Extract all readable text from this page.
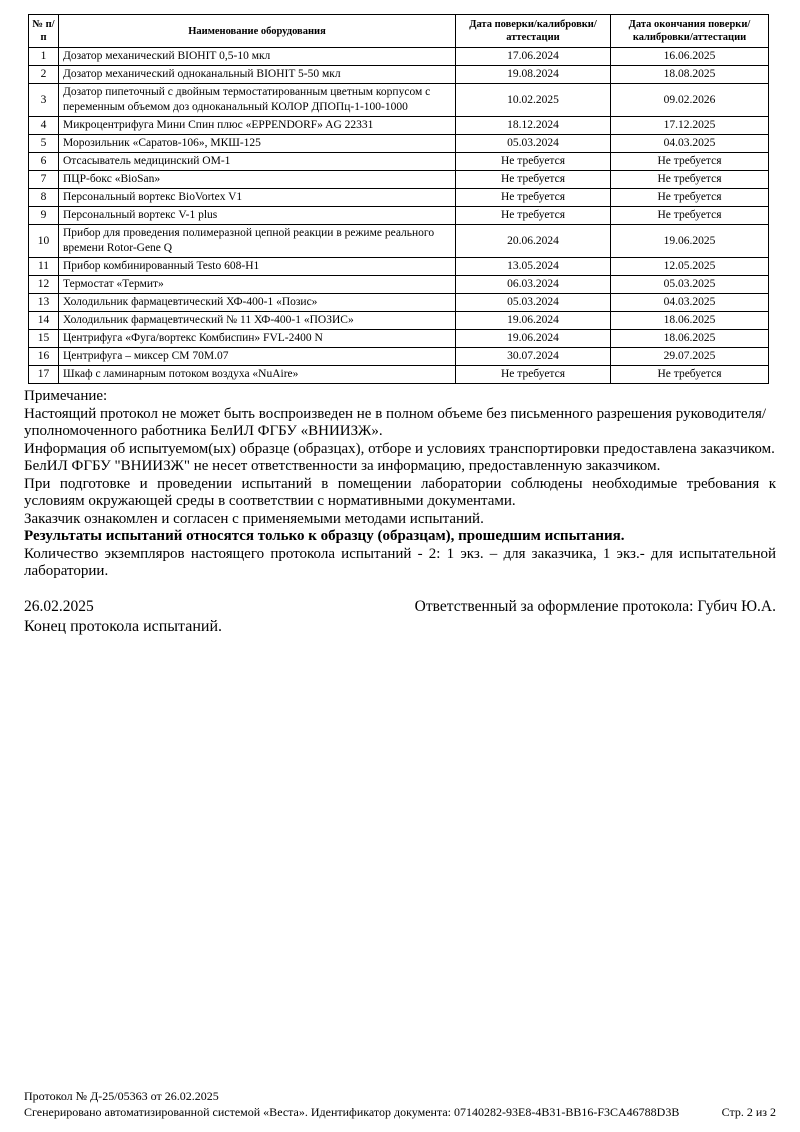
№ п/п	Наименование оборудования	Дата поверки/калибровки/аттестации	Дата окончания поверки/калибровки/аттестации
1	Дозатор механический BIOHIT 0,5-10 мкл	17.06.2024	16.06.2025
2	Дозатор механический одноканальный BIOHIT 5-50 мкл	19.08.2024	18.08.2025
3	Дозатор пипеточный с двойным термостатированным цветным корпусом с переменным объемом доз одноканальный КОЛОР ДПОПц-1-100-1000	10.02.2025	09.02.2026
4	Микроцентрифуга Мини Спин плюс «EPPENDORF» AG 22331	18.12.2024	17.12.2025
5	Морозильник «Саратов-106», МКШ-125	05.03.2024	04.03.2025
6	Отсасыватель медицинский ОМ-1	Не требуется	Не требуется
7	ПЦР-бокс «BioSan»	Не требуется	Не требуется
8	Персональный вортекс BioVortex V1	Не требуется	Не требуется
9	Персональный вортекс V-1 plus	Не требуется	Не требуется
10	Прибор для проведения полимеразной цепной реакции в режиме реального времени Rotor-Gene Q	20.06.2024	19.06.2025
11	Прибор комбинированный Testo 608-H1	13.05.2024	12.05.2025
12	Термостат «Термит»	06.03.2024	05.03.2025
13	Холодильник фармацевтический ХФ-400-1 «Позис»	05.03.2024	04.03.2025
14	Холодильник фармацевтический № 11 ХФ-400-1 «ПОЗИС»	19.06.2024	18.06.2025
15	Центрифуга «Фуга/вортекс Комбиспин» FVL-2400 N	19.06.2024	18.06.2025
16	Центрифуга – миксер СМ 70М.07	30.07.2024	29.07.2025
17	Шкаф с ламинарным потоком воздуха «NuAire»	Не требуется	Не требуется

Примечание:

Настоящий протокол не может быть воспроизведен не в полном объеме без письменного разрешения руководителя/уполномоченного работника БелИЛ ФГБУ «ВНИИЗЖ».

Информация об испытуемом(ых) образце (образцах), отборе и условиях транспортировки предоставлена заказчиком.

БелИЛ ФГБУ "ВНИИЗЖ" не несет ответственности за информацию, предоставленную заказчиком.

При подготовке и проведении испытаний в помещении лаборатории соблюдены необходимые требования к условиям окружающей среды в соответствии с нормативными документами.

Заказчик ознакомлен и согласен с применяемыми методами испытаний.

Результаты испытаний относятся только к образцу (образцам), прошедшим испытания.

Количество экземпляров настоящего протокола испытаний - 2: 1 экз. – для заказчика, 1 экз.- для испытательной лаборатории.

26.02.2025	Ответственный за оформление протокола: Губич Ю.А.
Конец протокола испытаний.
Протокол № Д-25/05363 от 26.02.2025
Сгенерировано автоматизированной системой «Веста». Идентификатор документа: 07140282-93E8-4B31-BB16-F3CA46788D3B	Стр. 2 из 2
